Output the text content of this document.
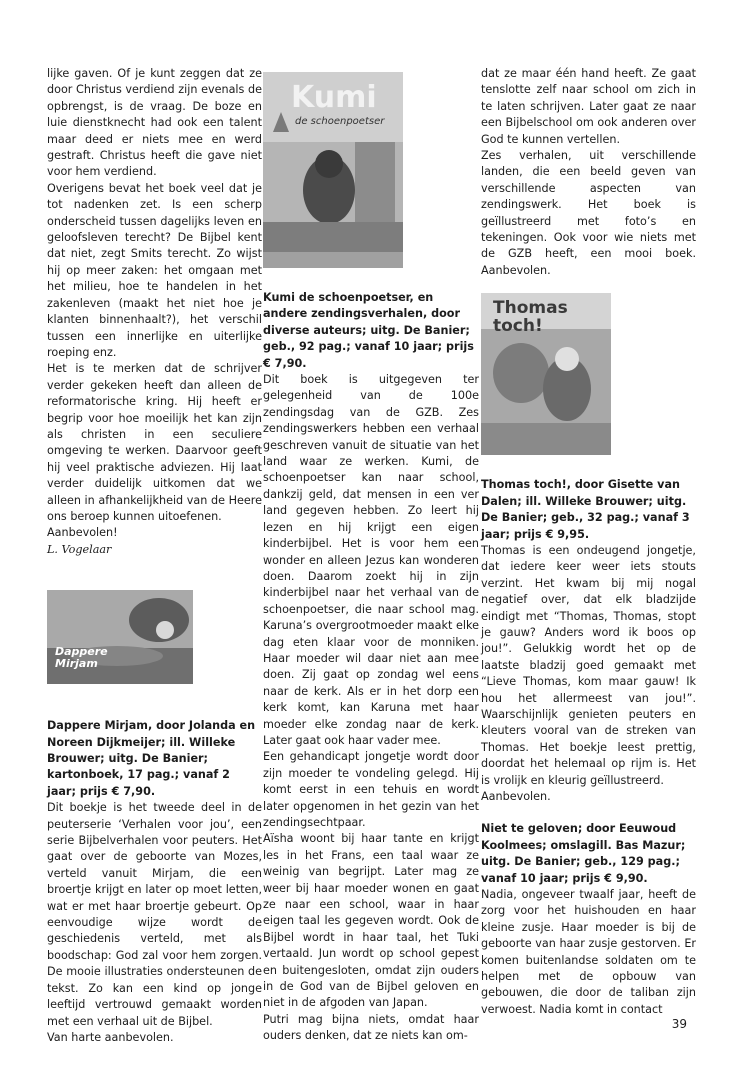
lijke gaven. Of je kunt zeggen dat ze door Christus verdiend zijn evenals de opbrengst, is de vraag. De boze en luie dienstknecht had ook een talent maar deed er niets mee en werd gestraft. Christus heeft die gave niet voor hem verdiend.

Overigens bevat het boek veel dat je tot nadenken zet. Is een scherp onderscheid tussen dagelijks leven en geloofsleven terecht? De Bijbel kent dat niet, zegt Smits terecht. Zo wijst hij op meer zaken: het omgaan met het milieu, hoe te handelen in het zakenleven (maakt het niet hoe je klanten binnenhaalt?), het verschil tussen een innerlijke en uiterlijke roeping enz.

Het is te merken dat de schrijver verder gekeken heeft dan alleen de reformatorische kring. Hij heeft er begrip voor hoe moeilijk het kan zijn als christen in een seculiere omgeving te werken. Daarvoor geeft hij veel praktische adviezen. Hij laat verder duidelijk uitkomen dat we alleen in afhankelijkheid van de Heere ons beroep kunnen uitoefenen.

Aanbevolen!

L. Vogelaar

Dappere Mirjam

Dappere Mirjam, door Jolanda en Noreen Dijkmeijer; ill. Willeke Brouwer; uitg. De Banier; kartonboek, 17 pag.; vanaf 2 jaar; prijs € 7,90.

Dit boekje is het tweede deel in de peuterserie ‘Verhalen voor jou’, een serie Bijbelverhalen voor peuters. Het gaat over de geboorte van Mozes, verteld vanuit Mirjam, die een broertje krijgt en later op moet letten, wat er met haar broertje gebeurt. Op eenvoudige wijze wordt de geschiedenis verteld, met als boodschap: God zal voor hem zorgen. De mooie illustraties ondersteunen de tekst. Zo kan een kind op jonge leeftijd vertrouwd gemaakt worden met een verhaal uit de Bijbel.

Van harte aanbevolen.

Kumi
de schoenpoetser

Kumi de schoenpoetser, en andere zendingsverhalen, door diverse auteurs; uitg. De Banier; geb., 92 pag.; vanaf 10 jaar; prijs € 7,90.

Dit boek is uitgegeven ter gelegenheid van de 100e zendingsdag van de GZB. Zes zendingswerkers hebben een verhaal geschreven vanuit de situatie van het land waar ze werken. Kumi, de schoenpoetser kan naar school, dankzij geld, dat mensen in een ver land gegeven hebben. Zo leert hij lezen en hij krijgt een eigen kinderbijbel. Het is voor hem een wonder en alleen Jezus kan wonderen doen. Daarom zoekt hij in zijn kinderbijbel naar het verhaal van de schoenpoetser, die naar school mag. Karuna’s overgrootmoeder maakt elke dag eten klaar voor de monniken. Haar moeder wil daar niet aan mee doen. Zij gaat op zondag wel eens naar de kerk. Als er in het dorp een kerk komt, kan Karuna met haar moeder elke zondag naar de kerk. Later gaat ook haar vader mee.

Een gehandicapt jongetje wordt door zijn moeder te vondeling gelegd. Hij komt eerst in een tehuis en wordt later opgenomen in het gezin van het zendingsechtpaar.

Aïsha woont bij haar tante en krijgt les in het Frans, een taal waar ze weinig van begrijpt. Later mag ze weer bij haar moeder wonen en gaat ze naar een school, waar in haar eigen taal les gegeven wordt. Ook de Bijbel wordt in haar taal, het Tuki vertaald. Jun wordt op school gepest en buitengesloten, omdat zijn ouders in de God van de Bijbel geloven en niet in de afgoden van Japan.

Putri mag bijna niets, omdat haar ouders denken, dat ze niets kan om-

dat ze maar één hand heeft. Ze gaat tenslotte zelf naar school om zich in te laten schrijven. Later gaat ze naar een Bijbelschool om ook anderen over God te kunnen vertellen.

Zes verhalen, uit verschillende landen, die een beeld geven van verschillende aspecten van zendingswerk. Het boek is geïllustreerd met foto’s en tekeningen. Ook voor wie niets met de GZB heeft, een mooi boek. Aanbevolen.

Thomas toch!

Thomas toch!, door Gisette van Dalen; ill. Willeke Brouwer; uitg. De Banier; geb., 32 pag.; vanaf 3 jaar; prijs € 9,95.

Thomas is een ondeugend jongetje, dat iedere keer weer iets stouts verzint. Het kwam bij mij nogal negatief over, dat elk bladzijde eindigt met “Thomas, Thomas, stopt je gauw? Anders word ik boos op jou!”. Gelukkig wordt het op de laatste bladzij goed gemaakt met “Lieve Thomas, kom maar gauw! Ik hou het allermeest van jou!”. Waarschijnlijk genieten peuters en kleuters vooral van de streken van Thomas. Het boekje leest prettig, doordat het helemaal op rijm is. Het is vrolijk en kleurig geïllustreerd.

Aanbevolen.

Niet te geloven; door Eeuwoud Koolmees; omslagill. Bas Mazur; uitg. De Banier; geb., 129 pag.; vanaf 10 jaar; prijs € 9,90.

Nadia, ongeveer twaalf jaar, heeft de zorg voor het huishouden en haar kleine zusje. Haar moeder is bij de geboorte van haar zusje gestorven. Er komen buitenlandse soldaten om te helpen met de opbouw van gebouwen, die door de taliban zijn verwoest. Nadia komt in contact

39
